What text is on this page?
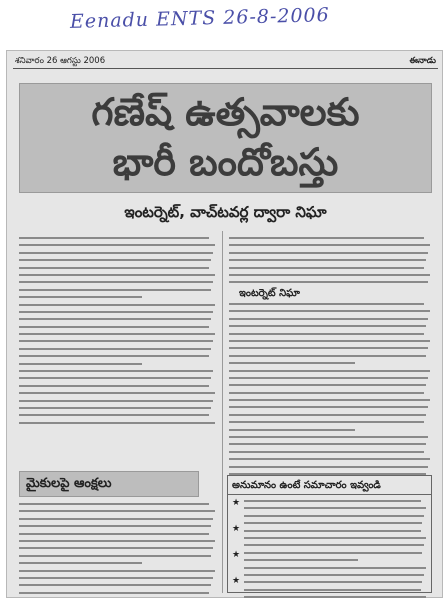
Eenadu ENTS 26-8-2006
శనివారం 26 ఆగస్టు 2006	ఈనాడు
గణేష్ ఉత్సవాలకు
భారీ బందోబస్తు
ఇంటర్నెట్, వాచ్‌టవర్ల ద్వారా నిఘా
ఇంటర్నెట్ నిఘా
మైకులపై ఆంక్షలు	అనుమానం ఉంటే సమాచారం ఇవ్వండి
★
★
★
★
